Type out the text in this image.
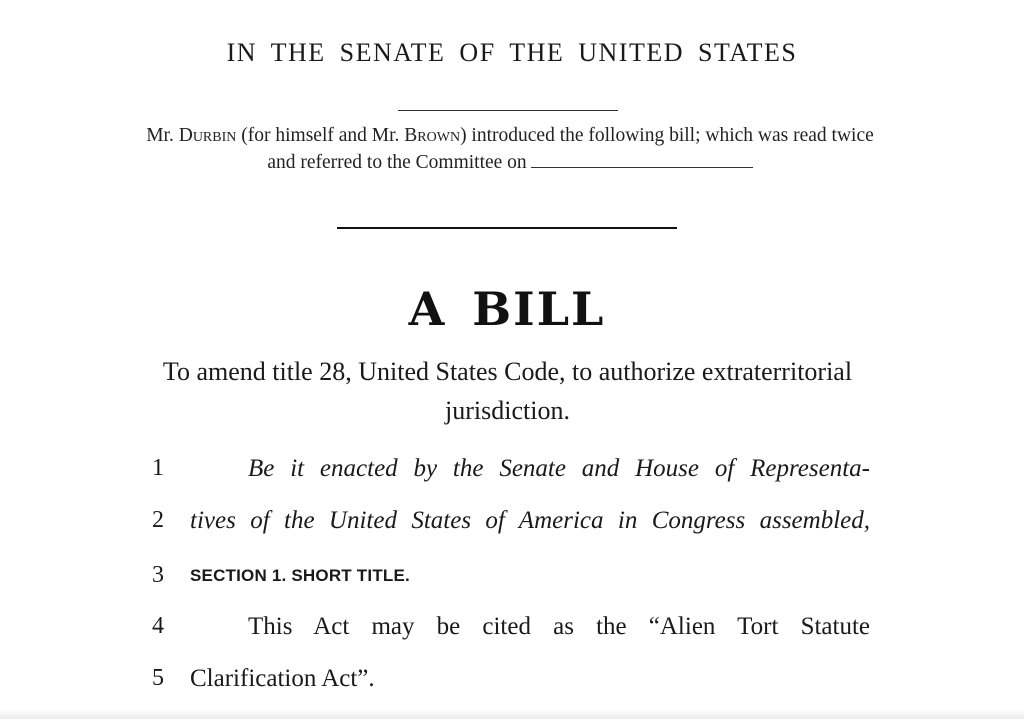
IN THE SENATE OF THE UNITED STATES
Mr. Durbin (for himself and Mr. Brown) introduced the following bill; which was read twice and referred to the Committee on
A BILL
To amend title 28, United States Code, to authorize extraterritorial jurisdiction.
1	Be it enacted by the Senate and House of Representa-
2	tives of the United States of America in Congress assembled,
3	SECTION 1. SHORT TITLE.
4	This Act may be cited as the “Alien Tort Statute
5	Clarification Act”.
